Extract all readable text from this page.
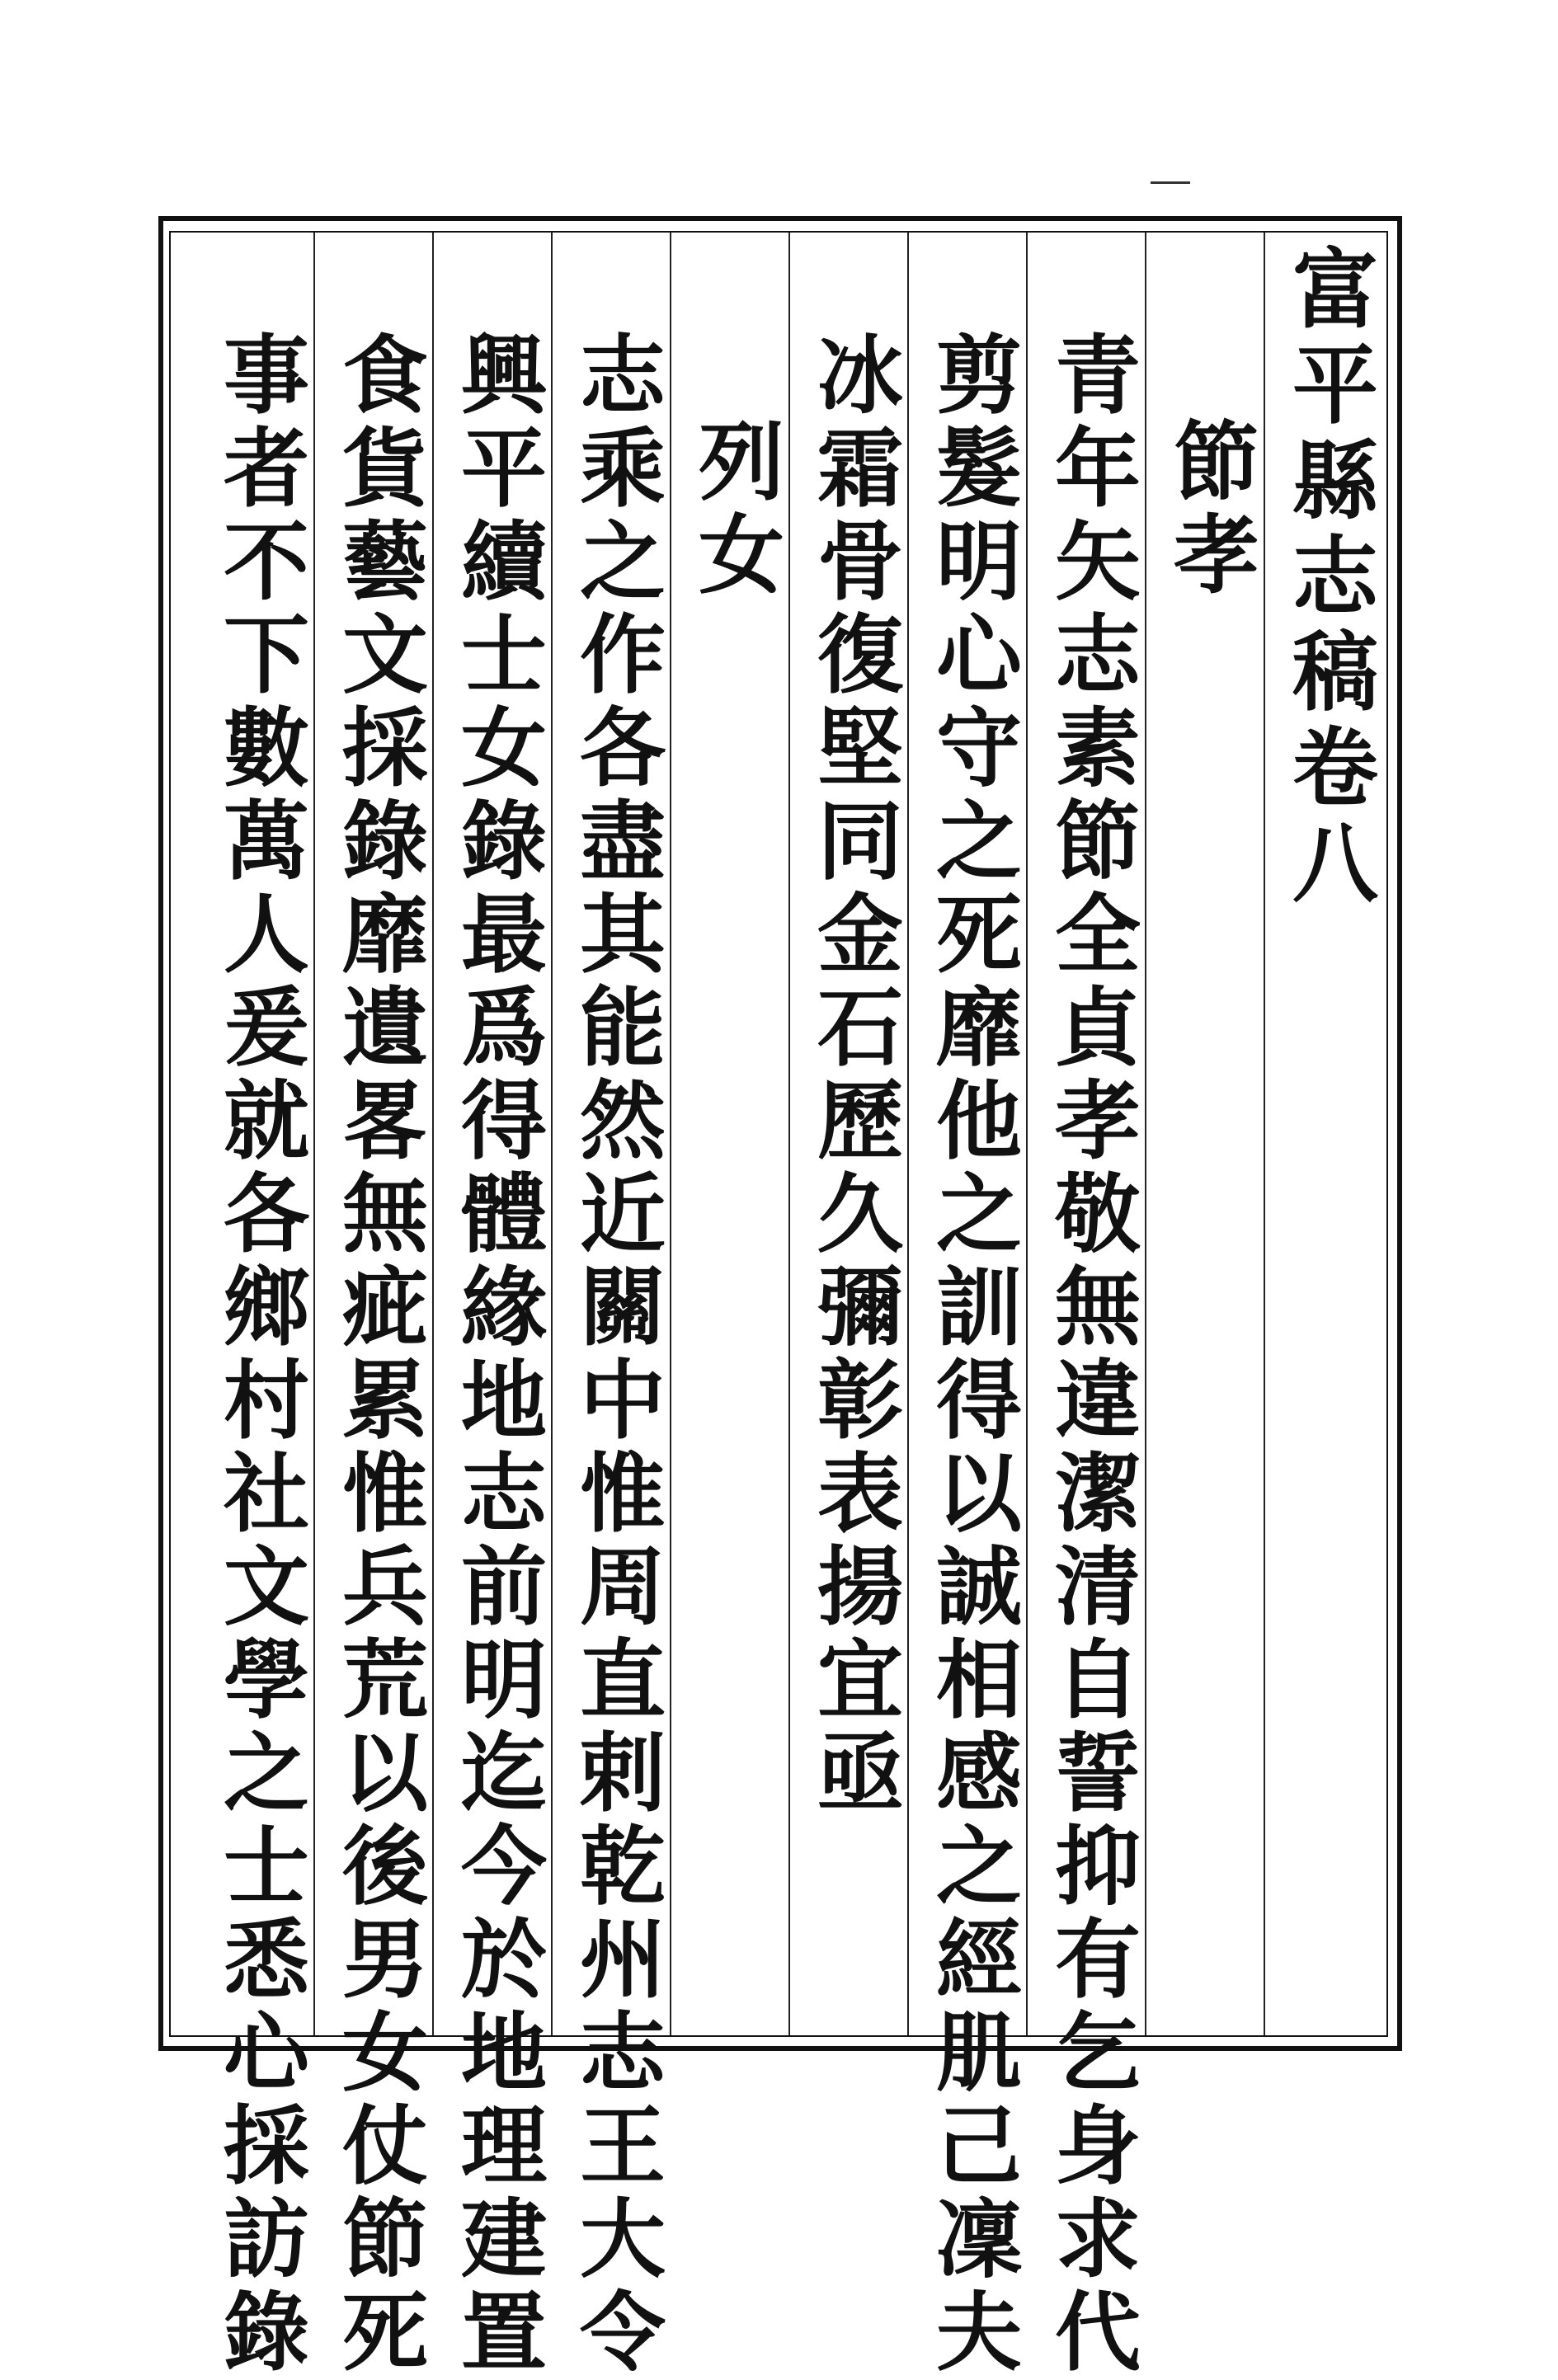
富平縣志稿卷八
節孝
青年矢志素節全貞孝敬無違潔清自誓抑有乞身求代
剪髮明心守之死靡他之訓得以誠相感之經肌己凜夫
冰霜骨復堅同金石歷久彌彰表揚宜亟
列女
志乘之作各盡其能然近關中惟周直剌乾州志王大令
興平續士女錄最爲得體緣地志前明迄今於地理建置
食貨藝文採錄靡遺畧無疵累惟兵荒以後男女仗節死
事者不下數萬人爰就各鄉村社文學之士悉心採訪錄
